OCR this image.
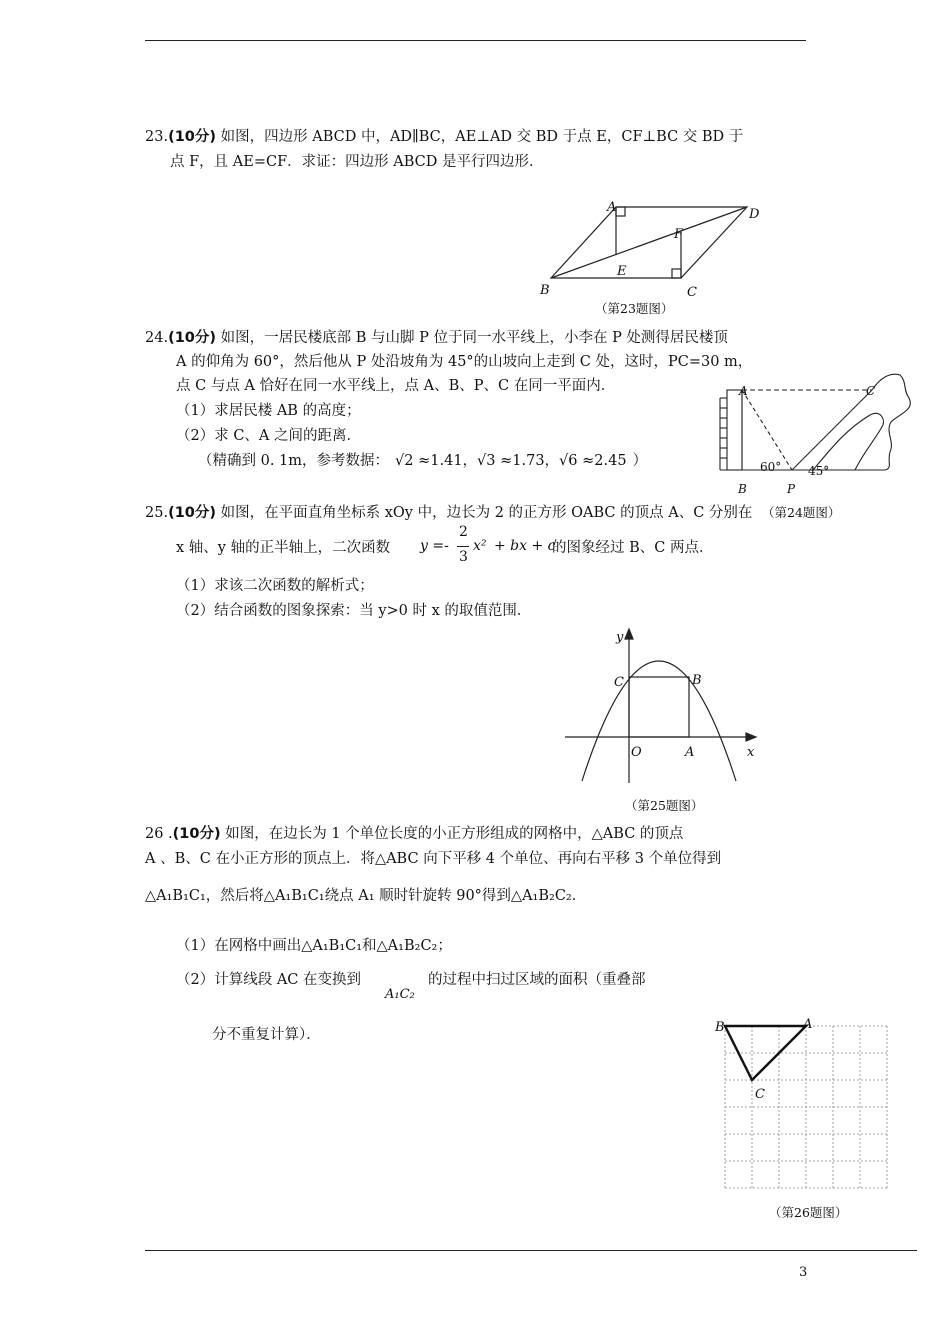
23.(10分) 如图，四边形 ABCD 中，AD∥BC，AE⊥AD 交 BD 于点 E，CF⊥BC 交 BD 于
点 F，且 AE=CF．求证：四边形 ABCD 是平行四边形．
A	D
F
E
B	C
（第23题图）
24.(10分) 如图，一居民楼底部 B 与山脚 P 位于同一水平线上，小李在 P 处测得居民楼顶
A 的仰角为 60°，然后他从 P 处沿坡角为 45°的山坡向上走到 C 处，这时，PC=30 m，
点 C 与点 A 恰好在同一水平线上，点 A、B、P、C 在同一平面内．
（1）求居民楼 AB 的高度；
（2）求 C、A 之间的距离．
（精确到 0. 1m，参考数据： √2 ≈1.41，√3 ≈1.73，√6 ≈2.45 ）
A	C
60° 45°
B	P
（第24题图）
25.(10分) 如图，在平面直角坐标系 xOy 中，边长为 2 的正方形 OABC 的顶点 A、C 分别在
x 轴、y 轴的正半轴上，二次函数 y =-
2
3
x² + bx + c
的图象经过 B、C 两点．
（1）求该二次函数的解析式；
（2）结合函数的图象探索：当 y>0 时 x 的取值范围．
y
C	B
O	A	x
（第25题图）
26 .(10分) 如图，在边长为 1 个单位长度的小正方形组成的网格中，△ABC 的顶点
A 、B、C 在小正方形的顶点上．将△ABC 向下平移 4 个单位、再向右平移 3 个单位得到
△A₁B₁C₁，然后将△A₁B₁C₁绕点 A₁ 顺时针旋转 90°得到△A₁B₂C₂．
（1）在网格中画出△A₁B₁C₁和△A₁B₂C₂；
（2）计算线段 AC 在变换到
A₁C₂
的过程中扫过区域的面积（重叠部
分不重复计算）．	B	A
C
（第26题图）
3
